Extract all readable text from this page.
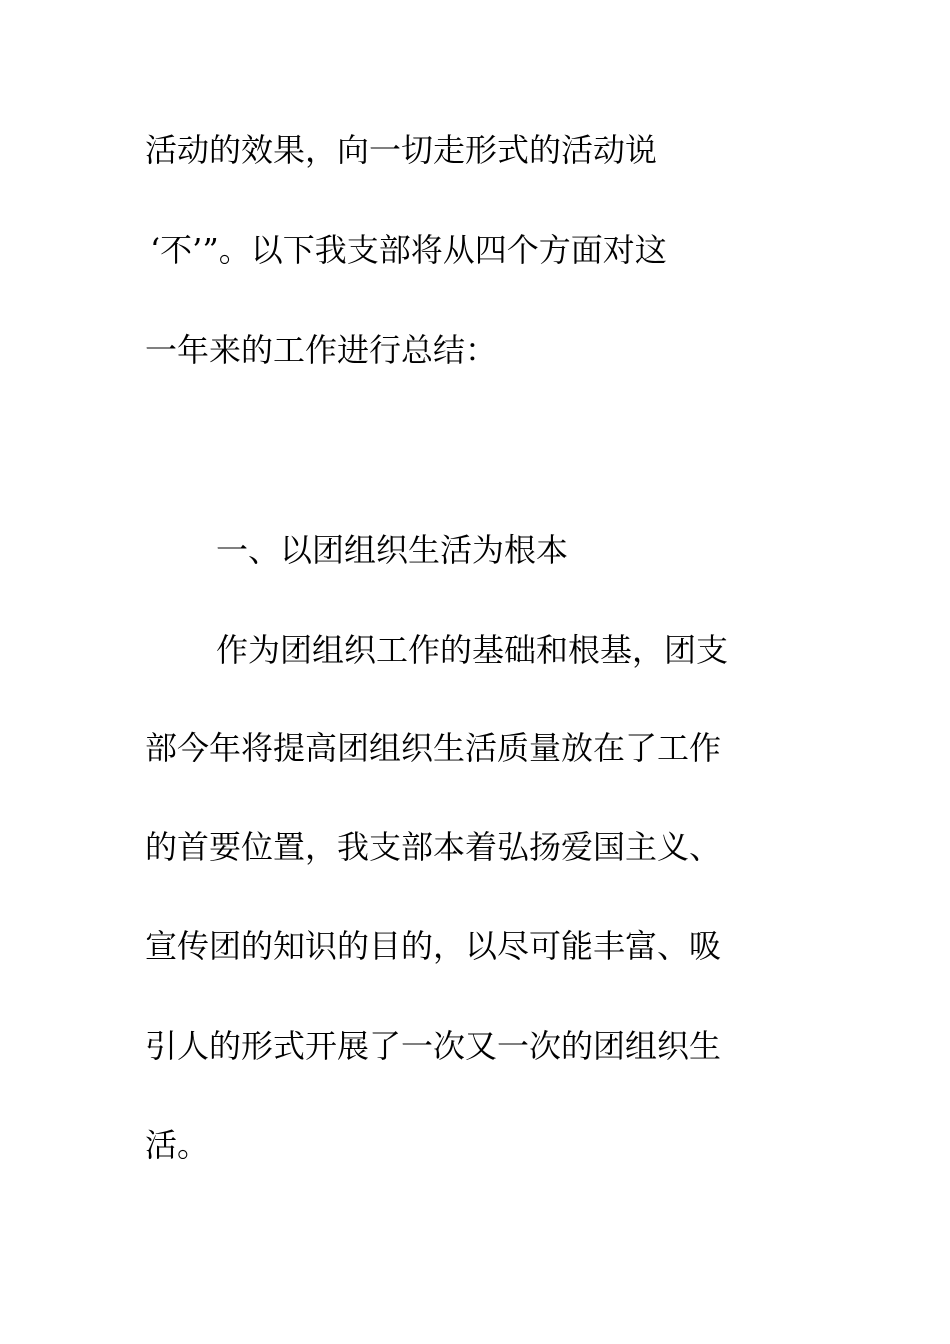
活动的效果，向一切走形式的活动说
‘不’”。以下我支部将从四个方面对这
一年来的工作进行总结：
一、以团组织生活为根本
作为团组织工作的基础和根基，团支
部今年将提高团组织生活质量放在了工作
的首要位置，我支部本着弘扬爱国主义、
宣传团的知识的目的，以尽可能丰富、吸
引人的形式开展了一次又一次的团组织生
活。
